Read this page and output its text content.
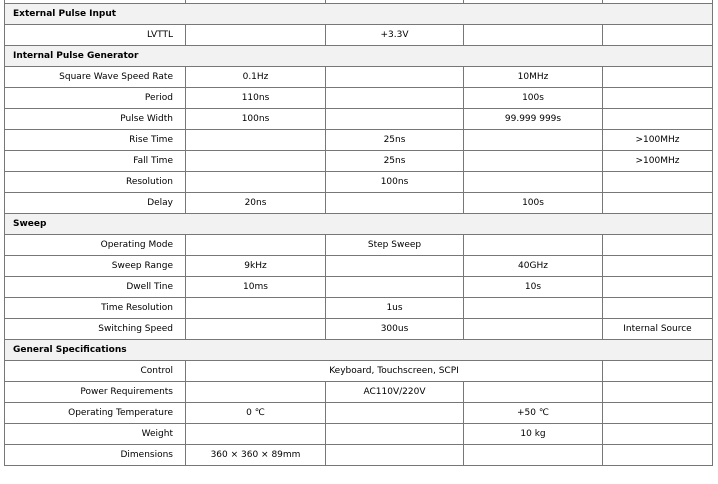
External Pulse Input				
LVTTL		+3.3V		
Internal Pulse Generator				
Square Wave Speed Rate	0.1Hz		10MHz	
Period	110ns		100s	
Pulse Width	100ns		99.999 999s	
Rise Time		25ns		>100MHz
Fall Time		25ns		>100MHz
Resolution		100ns		
Delay	20ns		100s	
Sweep				
Operating Mode		Step Sweep		
Sweep Range	9kHz		40GHz	
Dwell Tine	10ms		10s	
Time Resolution		1us		
Switching Speed		300us		Internal Source
General Specifications				
Control	Keyboard, Touchscreen, SCPI			
Power Requirements		AC110V/220V		
Operating Temperature	0 ℃		+50 ℃	
Weight			10 kg	
Dimensions	360 × 360 × 89mm			
